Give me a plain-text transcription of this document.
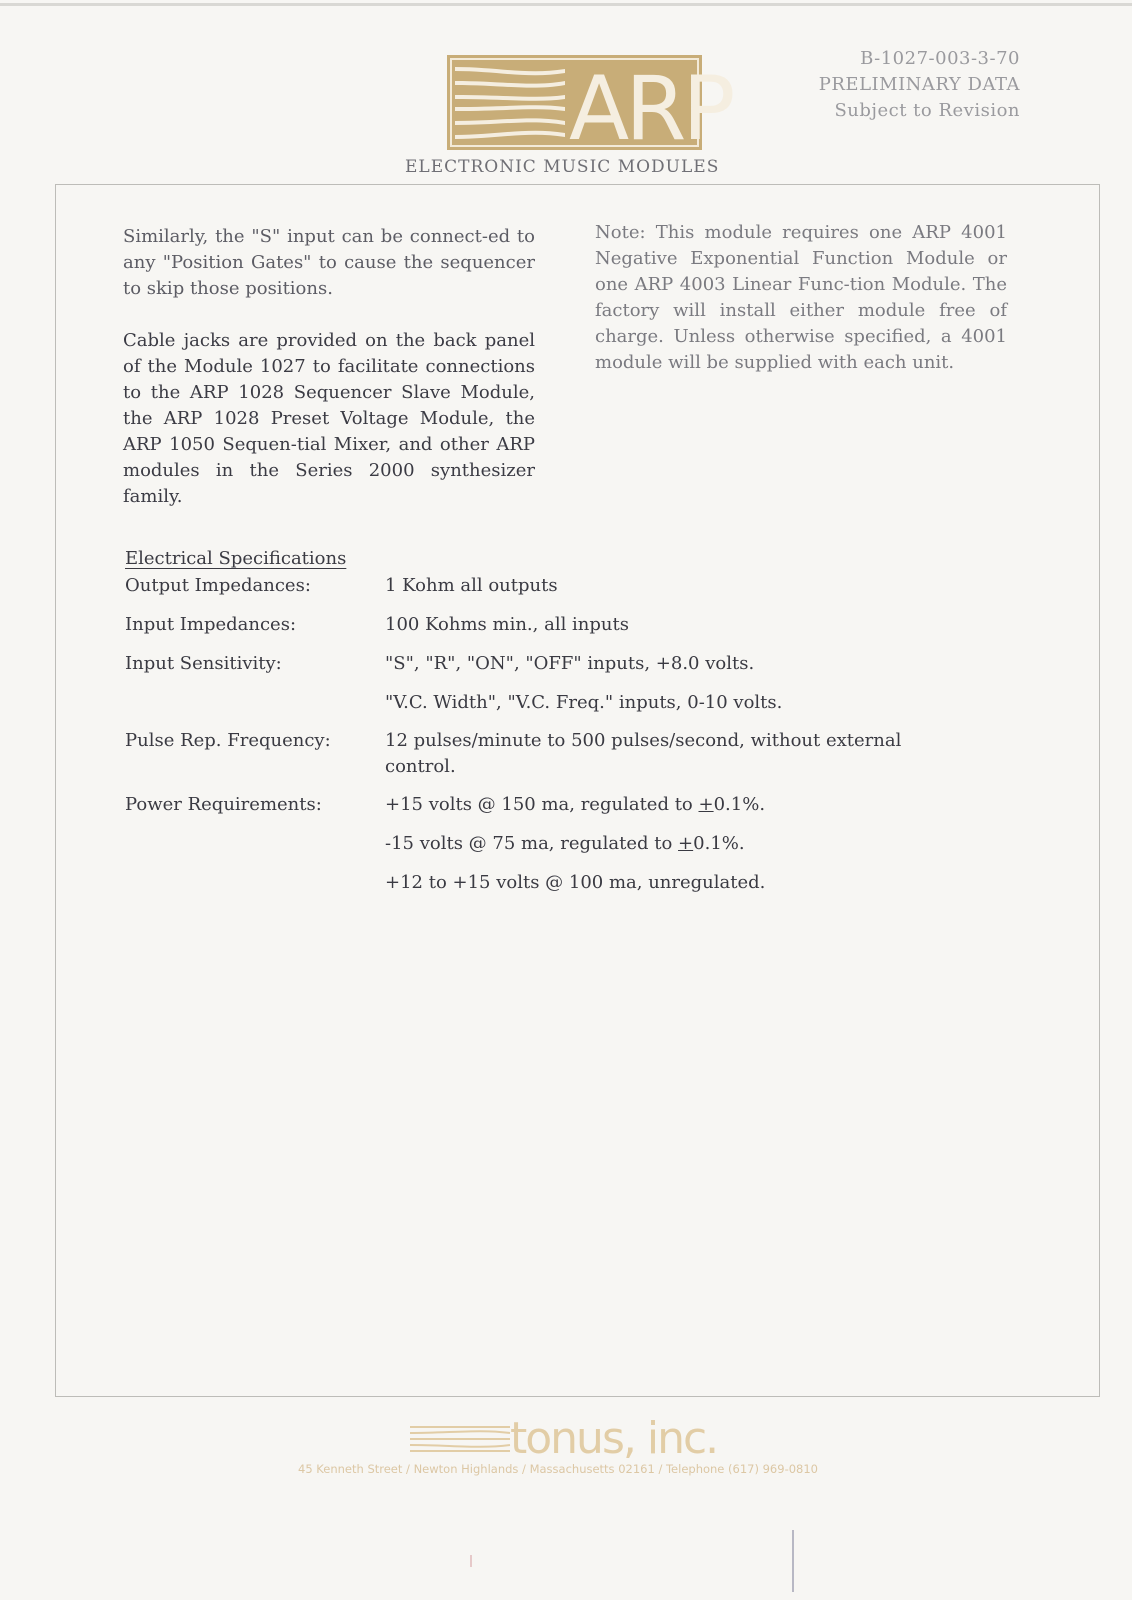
ARP	B-1027-003-3-70
PRELIMINARY DATA
Subject to Revision
ELECTRONIC MUSIC MODULES

Similarly, the "S" input can be connect-ed to any "Position Gates" to cause the sequencer to skip those positions.

Cable jacks are provided on the back panel of the Module 1027 to facilitate connections to the ARP 1028 Sequencer Slave Module, the ARP 1028 Preset Voltage Module, the ARP 1050 Sequen-tial Mixer, and other ARP modules in the Series 2000 synthesizer family.

Note: This module requires one ARP 4001 Negative Exponential Function Module or one ARP 4003 Linear Func-tion Module. The factory will install either module free of charge. Unless otherwise specified, a 4001 module will be supplied with each unit.

Electrical Specifications
Output Impedances:	1 Kohm all outputs
Input Impedances:	100 Kohms min., all inputs
Input Sensitivity:	"S", "R", "ON", "OFF" inputs, +8.0 volts.
"V.C. Width", "V.C. Freq." inputs, 0-10 volts.
Pulse Rep. Frequency:	12 pulses/minute to 500 pulses/second, without external control.
Power Requirements:	+15 volts @ 150 ma, regulated to +0.1%.
-15 volts @ 75 ma, regulated to +0.1%.
+12 to +15 volts @ 100 ma, unregulated.
tonus, inc.
45 Kenneth Street / Newton Highlands / Massachusetts 02161 / Telephone (617) 969-0810
